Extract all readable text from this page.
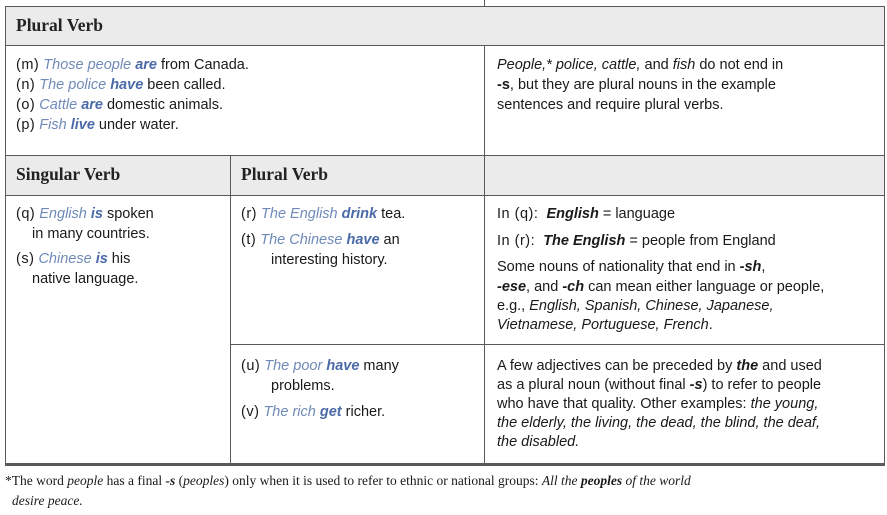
Plural Verb
(m) Those people are from Canada.
(n) The police have been called.
(o) Cattle are domestic animals.
(p) Fish live under water.
People,* police, cattle, and fish do not end in
-s, but they are plural nouns in the example
sentences and require plural verbs.
Singular Verb	Plural Verb
(q) English is spoken
in many countries.
(s) Chinese is his
native language.
(r) The English drink tea.
(t) The Chinese have an
interesting history.
In (q): English = language
In (r): The English = people from England
Some nouns of nationality that end in -sh,
-ese, and -ch can mean either language or people,
e.g., English, Spanish, Chinese, Japanese,
Vietnamese, Portuguese, French.
(u) The poor have many
problems.
(v) The rich get richer.
A few adjectives can be preceded by the and used
as a plural noun (without final -s) to refer to people
who have that quality. Other examples: the young,
the elderly, the living, the dead, the blind, the deaf,
the disabled.
*The word people has a final -s (peoples) only when it is used to refer to ethnic or national groups: All the peoples of the world
desire peace.
